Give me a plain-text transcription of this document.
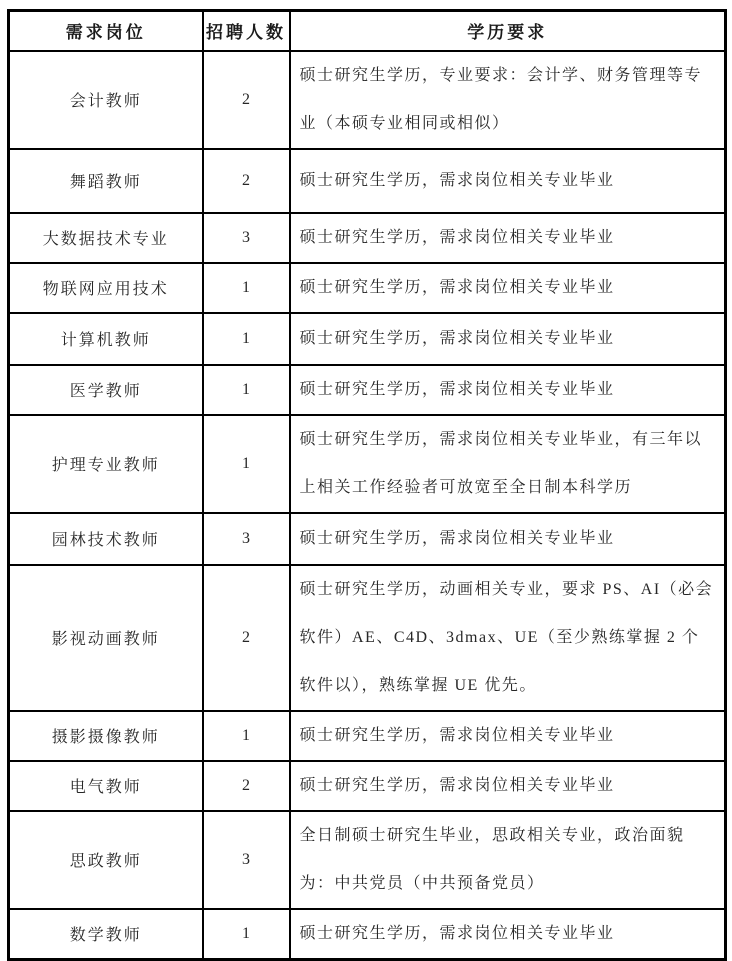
需求岗位	招聘人数	学历要求
会计教师	2	硕士研究生学历，专业要求：会计学、财务管理等专业（本硕专业相同或相似）
舞蹈教师	2	硕士研究生学历，需求岗位相关专业毕业
大数据技术专业	3	硕士研究生学历，需求岗位相关专业毕业
物联网应用技术	1	硕士研究生学历，需求岗位相关专业毕业
计算机教师	1	硕士研究生学历，需求岗位相关专业毕业
医学教师	1	硕士研究生学历，需求岗位相关专业毕业
护理专业教师	1	硕士研究生学历，需求岗位相关专业毕业，有三年以上相关工作经验者可放宽至全日制本科学历
园林技术教师	3	硕士研究生学历，需求岗位相关专业毕业
影视动画教师	2	硕士研究生学历，动画相关专业，要求 PS、AI（必会软件）AE、C4D、3dmax、UE（至少熟练掌握 2 个软件以），熟练掌握 UE 优先。
摄影摄像教师	1	硕士研究生学历，需求岗位相关专业毕业
电气教师	2	硕士研究生学历，需求岗位相关专业毕业
思政教师	3	全日制硕士研究生毕业，思政相关专业，政治面貌为：中共党员（中共预备党员）
数学教师	1	硕士研究生学历，需求岗位相关专业毕业
